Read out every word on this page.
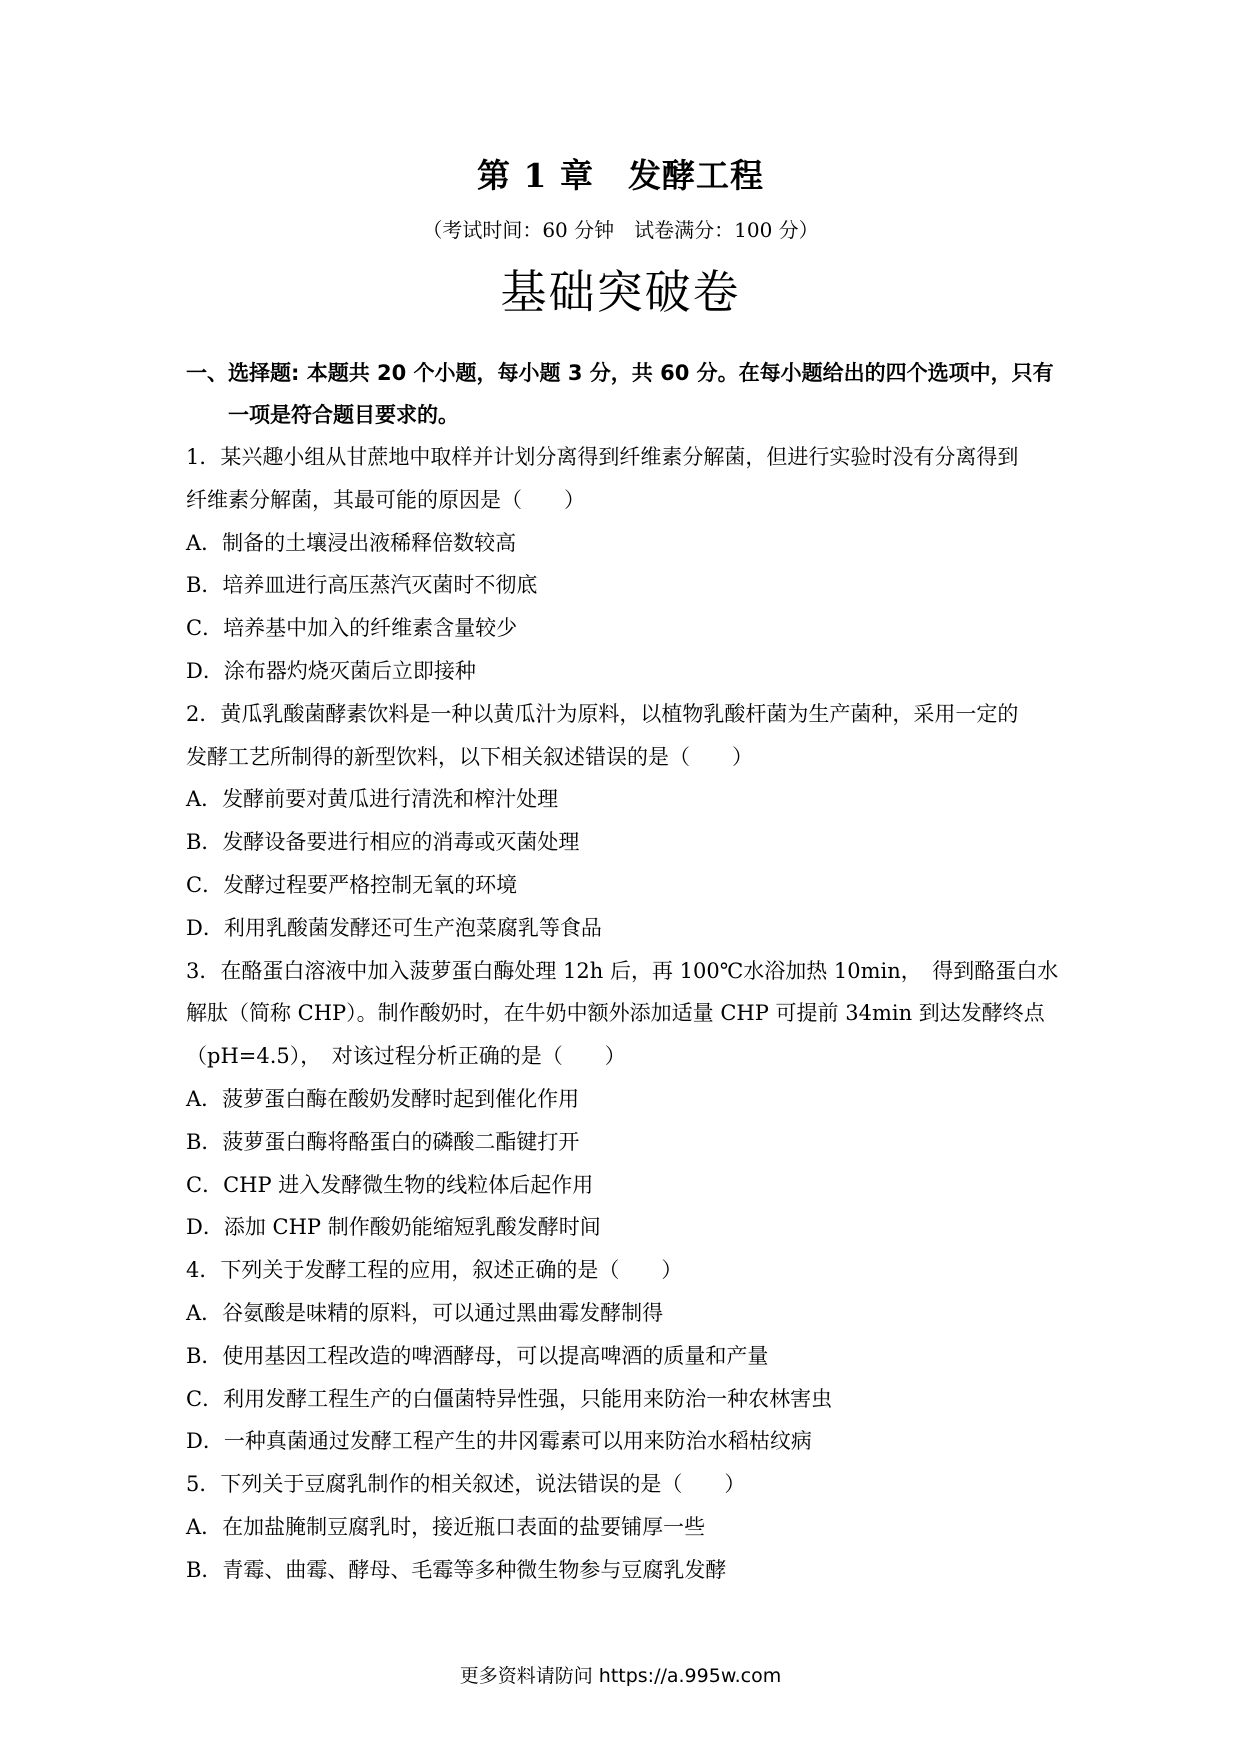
第 1 章　发酵工程
（考试时间：60 分钟　试卷满分：100 分）
基础突破卷
一、选择题: 本题共 20 个小题，每小题 3 分，共 60 分。在每小题给出的四个选项中，只有
一项是符合题目要求的。
1．某兴趣小组从甘蔗地中取样并计划分离得到纤维素分解菌，但进行实验时没有分离得到
纤维素分解菌，其最可能的原因是（　　）
A．制备的土壤浸出液稀释倍数较高
B．培养皿进行高压蒸汽灭菌时不彻底
C．培养基中加入的纤维素含量较少
D．涂布器灼烧灭菌后立即接种
2．黄瓜乳酸菌酵素饮料是一种以黄瓜汁为原料，以植物乳酸杆菌为生产菌种，采用一定的
发酵工艺所制得的新型饮料，以下相关叙述错误的是（　　）
A．发酵前要对黄瓜进行清洗和榨汁处理
B．发酵设备要进行相应的消毒或灭菌处理
C．发酵过程要严格控制无氧的环境
D．利用乳酸菌发酵还可生产泡菜腐乳等食品
3．在酪蛋白溶液中加入菠萝蛋白酶处理 12h 后，再 100℃水浴加热 10min，　得到酪蛋白水
解肽（简称 CHP）。制作酸奶时，在牛奶中额外添加适量 CHP 可提前 34min 到达发酵终点
（pH=4.5），　对该过程分析正确的是（　　）
A．菠萝蛋白酶在酸奶发酵时起到催化作用
B．菠萝蛋白酶将酪蛋白的磷酸二酯键打开
C．CHP 进入发酵微生物的线粒体后起作用
D．添加 CHP 制作酸奶能缩短乳酸发酵时间
4．下列关于发酵工程的应用，叙述正确的是（　　）
A．谷氨酸是味精的原料，可以通过黑曲霉发酵制得
B．使用基因工程改造的啤酒酵母，可以提高啤酒的质量和产量
C．利用发酵工程生产的白僵菌特异性强，只能用来防治一种农林害虫
D．一种真菌通过发酵工程产生的井冈霉素可以用来防治水稻枯纹病
5．下列关于豆腐乳制作的相关叙述，说法错误的是（　　）
A．在加盐腌制豆腐乳时，接近瓶口表面的盐要铺厚一些
B．青霉、曲霉、酵母、毛霉等多种微生物参与豆腐乳发酵
更多资料请防问 https://a.995w.com
